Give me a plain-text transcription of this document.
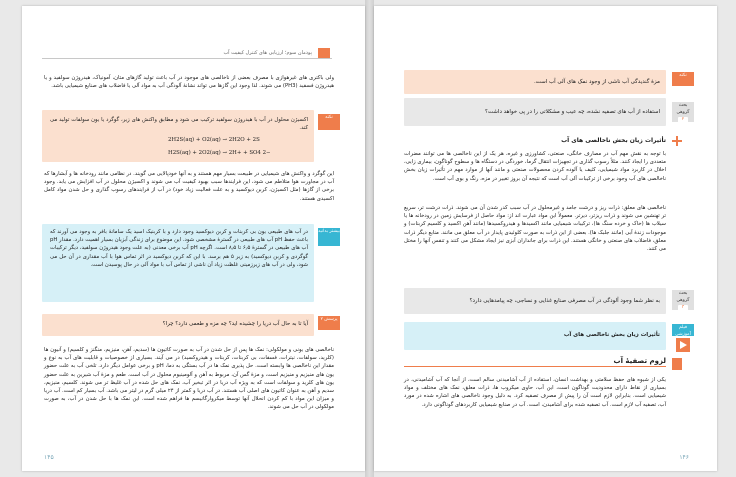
پودمان سوم؛ ارزیابی های کنترل کیفیت آب
ولی باکتری های غیرهوازی با مصرف بعضی از ناخالصی های موجود در آب باعث تولید گازهای متان، آمونیاک، هیدروژن سولفید و یا هیدروژن فسفید (PH3) می شوند. لذا وجود این گازها می تواند نشانهٔ آلودگی آب به مواد آلی یا فاضلاب های صنایع شیمیایی باشد.
نکته
اکسیژن محلول در آب با هیدروژن سولفید ترکیب می شود و مطابق واکنش های زیر، گوگرد یا یون سولفات تولید می کند.
2H2S(aq) + O2(aq) → 2H2O + 2S
H2S(aq) + 2O2(aq) → 2H+ + SO4 2−
این گوگرد و واکنش های شیمیایی در طبیعت بسیار مهم هستند و به آنها خودپالایی می گویند. در نظامی مانند رودخانه ها و آبشارها که آب در مجاورت هوا متلاطم می شود، این فرایندها سبب بهبود کیفیت آب می شوند و اکسیژن محلول در آب افزایش می یابد. وجود برخی از گازها (مثل اکسیژن، کربن دیوکسید و به علت فعالیت زیاد خود) در آب از فرایندهای رسوب گذاری و حل شدن مواد کامل اکسیدی هستند.
بیشتر بدانید
در آب های طبیعی یون بی کربنات و کربن دیوکسید وجود دارد و با کربنیک اسید یک سامانهٔ بافر به وجود می آورند که باعث حفظ pH آب های طبیعی در گسترهٔ مشخصی شود. این موضوع برای زندگی آبزیان بسیار اهمیت دارد. مقدار pH آب های طبیعی در گسترهٔ ۶٫۵ تا ۸٫۵ است. اگرچه pH آب برخی معدنی (به علت وجود هیدروژن سولفید، دیگر ترکیبات گوگردی و کربن دیوکسید) به زیر ۵ هم برسد. با این که کربن دیوکسید در اثر تماس هوا با آب مقداری در آن حل می شود، ولی در آب های زیرزمینی غلظت زیاد آن ناشی از تماس آب با مواد آلی در حال پوسیدن است.
پرسش ۲
آیا تا به حال آب دریا را چشیده اید؟ چه مزه و طعمی دارد؟ چرا؟
ناخالصی های یونی و مولکولی: نمک ها پس از حل شدن در آب به صورت کاتیون ها (سدیم، آهن، منیزیم، منگنز و کلسیم) و آنیون ها (کلرید، سولفات، نیترات، فسفات، بی کربنات، کربنات و هیدروکسید) در می آیند. بسیاری از خصوصیات و قابلیت های آب به نوع و مقدار این ناخالصی ها وابسته است. حل پذیری نمک ها در آب بستگی به دما، pH و برخی عوامل دیگر دارد. تلخی آب به علت حضور یون های منیزیم و منیزیم است، و مزهٔ گس آن، مربوط به آهن و آلومینیوم محلول در آب است. طعم و مزهٔ آب شیرین به علت حضور یون های کلرید و سولفات است که به ویژه آب دریا در اثر تبخیر آب، نمک های حل شده در آب غلیظ تر می شوند. کلسیم، منیزیم، سدیم و آهن به عنوان کاتیون های اصلی آب هستند. در آب دریا و کمتر از ۲۴ میلی گرم در لیتر می باشد. آب بسیار کم است. آب دریا و میزان این مواد با کم کردن انحلال آنها توسط میکروارگانیسم ها فراهم شده است. این نمک ها با حل شدن در آب، به صورت مولکولی در آب حل می شوند.
۱۴۵
نکته
مزهٔ گندیدگی آب ناشی از وجود نمک های آلی آب است.
بحث گروهی
۲
استفاده از آب های تصفیه نشده، چه عیب و مشکلاتی را در پی خواهد داشت؟
تأثیرات زیان بخش ناخالصی های آب
با توجه به نقش مهم آب در مصارف خانگی، صنعتی، کشاورزی و غیره، هر یک از این ناخالصی ها می توانند مضرات متعددی را ایجاد کنند. مثلاً رسوب گذاری در تجهیزات انتقال گرما، خوردگی در دستگاه ها و سطوح گوناگون، بیماری زایی، اخلال در کاربرد مواد شیمیایی، کثیف یا آلوده کردن محصولات صنعتی و مانند آنها از موارد مهم در تأثیرات زیان بخش ناخالصی های آب وجود برخی از ترکیبات آلی آب است که نتیجه آن بروز تغییر در مزه، رنگ و بوی آب است.
ناخالصی های معلق: ذرات ریز و درشت جامد و غیرمحلول در آب سبب کدر شدن آن می شوند. ذرات درشت تر، سریع تر تهنشین می شوند و ذرات ریزتر، دیرتر. معمولاً این مواد عبارت اند از: مواد حاصل از فرسایش زمین در رودخانه ها یا سیلاب ها (خاک و خرده سنگ ها)، ترکیبات شیمیایی مانند اکسیدها و هیدروکسیدها (مانند آهن اکسید و کلسیم کربنات) و موجودات زندهٔ آبی (مانند جلبک ها). بعضی از این ذرات به صورت کلوئیدی پایدار در آب معلق می مانند. منابع دیگر ذرات معلق، فاضلاب های صنعتی و خانگی هستند. این ذرات برای جانداران آبزی نیز ایجاد مشکل می کنند و تنفس آنها را مختل می کنند.
بحث گروهی
۳
به نظر شما وجود آلودگی در آب مصرفی صنایع غذایی و نساجی، چه پیامدهایی دارد؟
فیلم آموزشی
تأثیرات زیان بخش ناخالصی های آب
لزوم تصفیهٔ آب
یکی از شیوه های حفظ سلامتی و بهداشت انسان، استفاده از آب آشامیدنی سالم است، از آنجا که آب آشامیدنی، در بسیاری از نقاط دارای محدودیت گوناگون است، این آب، حاوی میکروب ها، ذرات معلق، نمک های مختلف و مواد شیمیایی است. بنابراین لازم است آن را پیش از مصرف تصفیه کرد. به دلیل وجود ناخالصی های اشاره شده در مورد آب، تصفیه آب لازم است. آب تصفیه شده برای آشامیدن، است. آب در صنایع شیمیایی کاربردهای گوناگونی دارد.
۱۴۶
